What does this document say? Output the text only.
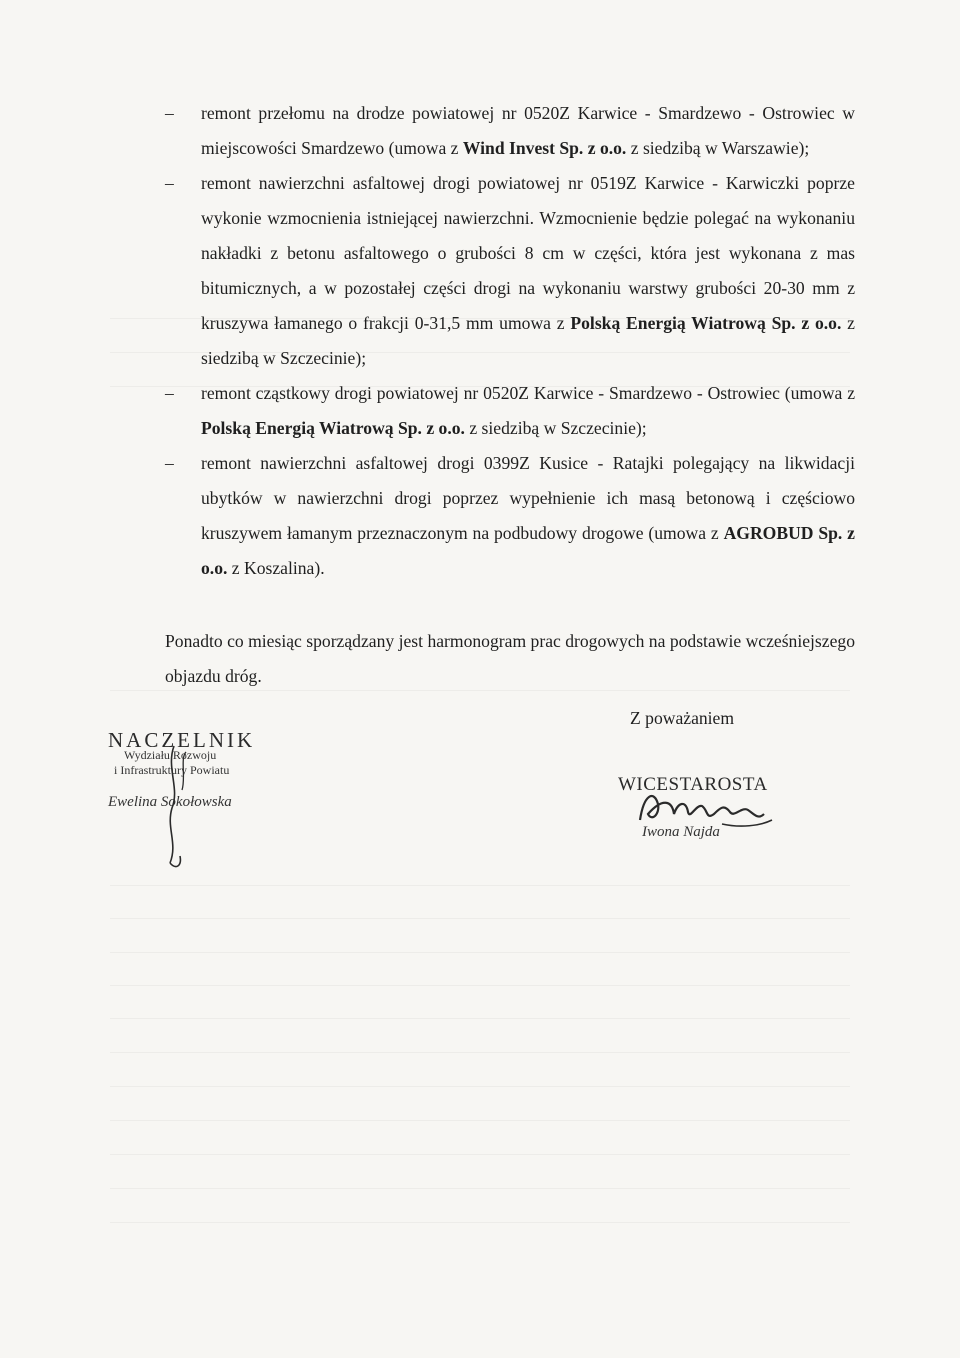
– remont przełomu na drodze powiatowej nr 0520Z Karwice - Smardzewo - Ostrowiec w miejscowości Smardzewo (umowa z Wind Invest Sp. z o.o. z siedzibą w Warszawie);
– remont nawierzchni asfaltowej drogi powiatowej nr 0519Z Karwice - Karwiczki poprze wykonie wzmocnienia istniejącej nawierzchni. Wzmocnienie będzie polegać na wykonaniu nakładki z betonu asfaltowego o grubości 8 cm w części, która jest wykonana z mas bitumicznych, a w pozostałej części drogi na wykonaniu warstwy grubości 20-30 mm z kruszywa łamanego o frakcji 0-31,5 mm umowa z Polską Energią Wiatrową Sp. z o.o. z siedzibą w Szczecinie);
– remont cząstkowy drogi powiatowej nr 0520Z Karwice - Smardzewo - Ostrowiec (umowa z Polską Energią Wiatrową Sp. z o.o. z siedzibą w Szczecinie);
– remont nawierzchni asfaltowej drogi 0399Z Kusice - Ratajki polegający na likwidacji ubytków w nawierzchni drogi poprzez wypełnienie ich masą betonową i częściowo kruszywem łamanym przeznaczonym na podbudowy drogowe (umowa z AGROBUD Sp. z o.o. z Koszalina).

Ponadto co miesiąc sporządzany jest harmonogram prac drogowych na podstawie wcześniejszego objazdu dróg.

Z poważaniem
NACZELNIK
Wydziału Rozwoju
i Infrastruktury Powiatu
Ewelina Sokołowska
WICESTAROSTA
Iwona Najda
